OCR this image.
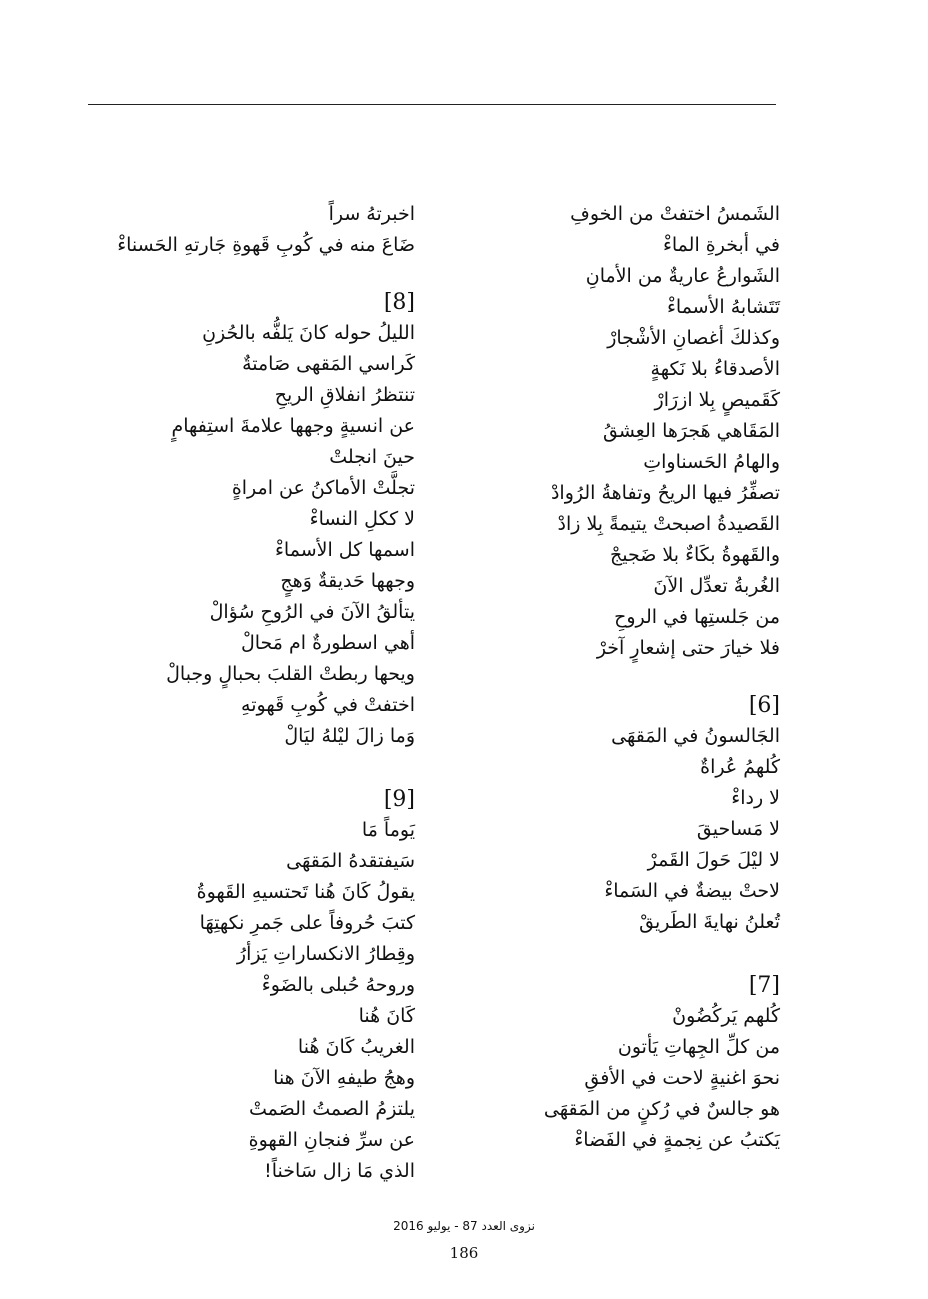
الشَمسُ اختفتْ من الخوفِ
في أبخرةِ الماءْ
الشَوارعُ عاريةٌ من الأمانِ
تَتَشابهُ الأسماءْ
وكذلكَ أغصانِ الأشْجارْ
الأصدقاءُ بلا نَكهةٍ
كَقَميصٍ بِلا ازرَارْ
المَقَاهي هَجرَها العِشقُ
والهامُ الحَسناواتِ
تصفِّرُ فيها الريحُ وتفاهةُ الرُوادْ
القَصيدةُ اصبحتْ يتيمةً بِلا زادْ
والقَهوةُ بكَاءٌ بلا ضَجيجْ
الغُربةُ تعدِّل الآنَ
من جَلستِها في الروحِ
فلا خيارَ حتى إشعارٍ آخرْ
[6]
الجَالسونُ في المَقهَى
كُلهمُ عُراةٌ
لا رداءْ
لا مَساحيقَ
لا ليْلَ حَولَ القَمرْ
لاحتْ بيضةٌ في السَماءْ
تُعلنُ نهايةَ الطَريقْ
[7]
كُلهم يَركُضُونْ
من كلِّ الجِهاتِ يَأتون
نحوَ اغنيةٍ لاحت في الأفقِ
هو جالسٌ في رُكنٍ من المَقهَى
يَكتبُ عن نِجمةٍ في الفَضاءْ
اخبرتهُ سراً
ضَاعَ منه في كُوبِ قَهوةِ جَارتهِ الحَسناءْ
[8]
الليلُ حوله كانَ يَلفُّه بالحُزنِ
كَراسي المَقهى صَامتةٌ
تنتظرُ انفلاقِ الريحِ
عن انسيةٍ وجهها علامةَ استِفهامٍ
حينَ انجلتْ
تجلَّتْ الأماكنُ عن امراةٍ
لا ككلِ النساءْ
اسمها كل الأسماءْ
وجهها حَديقةٌ وَهجٍ
يتألقُ الآنَ في الرُوحِ سُؤالْ
أهي اسطورةٌ ام مَحالْ
ويحها ربطتْ القلبَ بحبالٍ وجبالْ
اختفتْ في كُوبِ قَهوتهِ
وَما زالَ ليْلهُ ليَالْ
[9]
يَوماً مَا
سَيفتقدهُ المَقهَى
يقولُ كَانَ هُنا تَحتسيهِ القَهوةُ
كتبَ حُروفاً على جَمرِ نكهتِهَا
وقِطارُ الانكساراتِ يَزأرُ
وروحهُ حُبلى بالضَوءْ
كَانَ هُنا
الغريبُ كَانَ هُنا
وهجُ طيفهِ الآنَ هنا
يلتزمُ الصمتُ الصَمتْ
عن سرِّ فنجانِ القهوةِ
الذي مَا زال سَاخناً!
نزوى العدد 87 - يوليو 2016
186
